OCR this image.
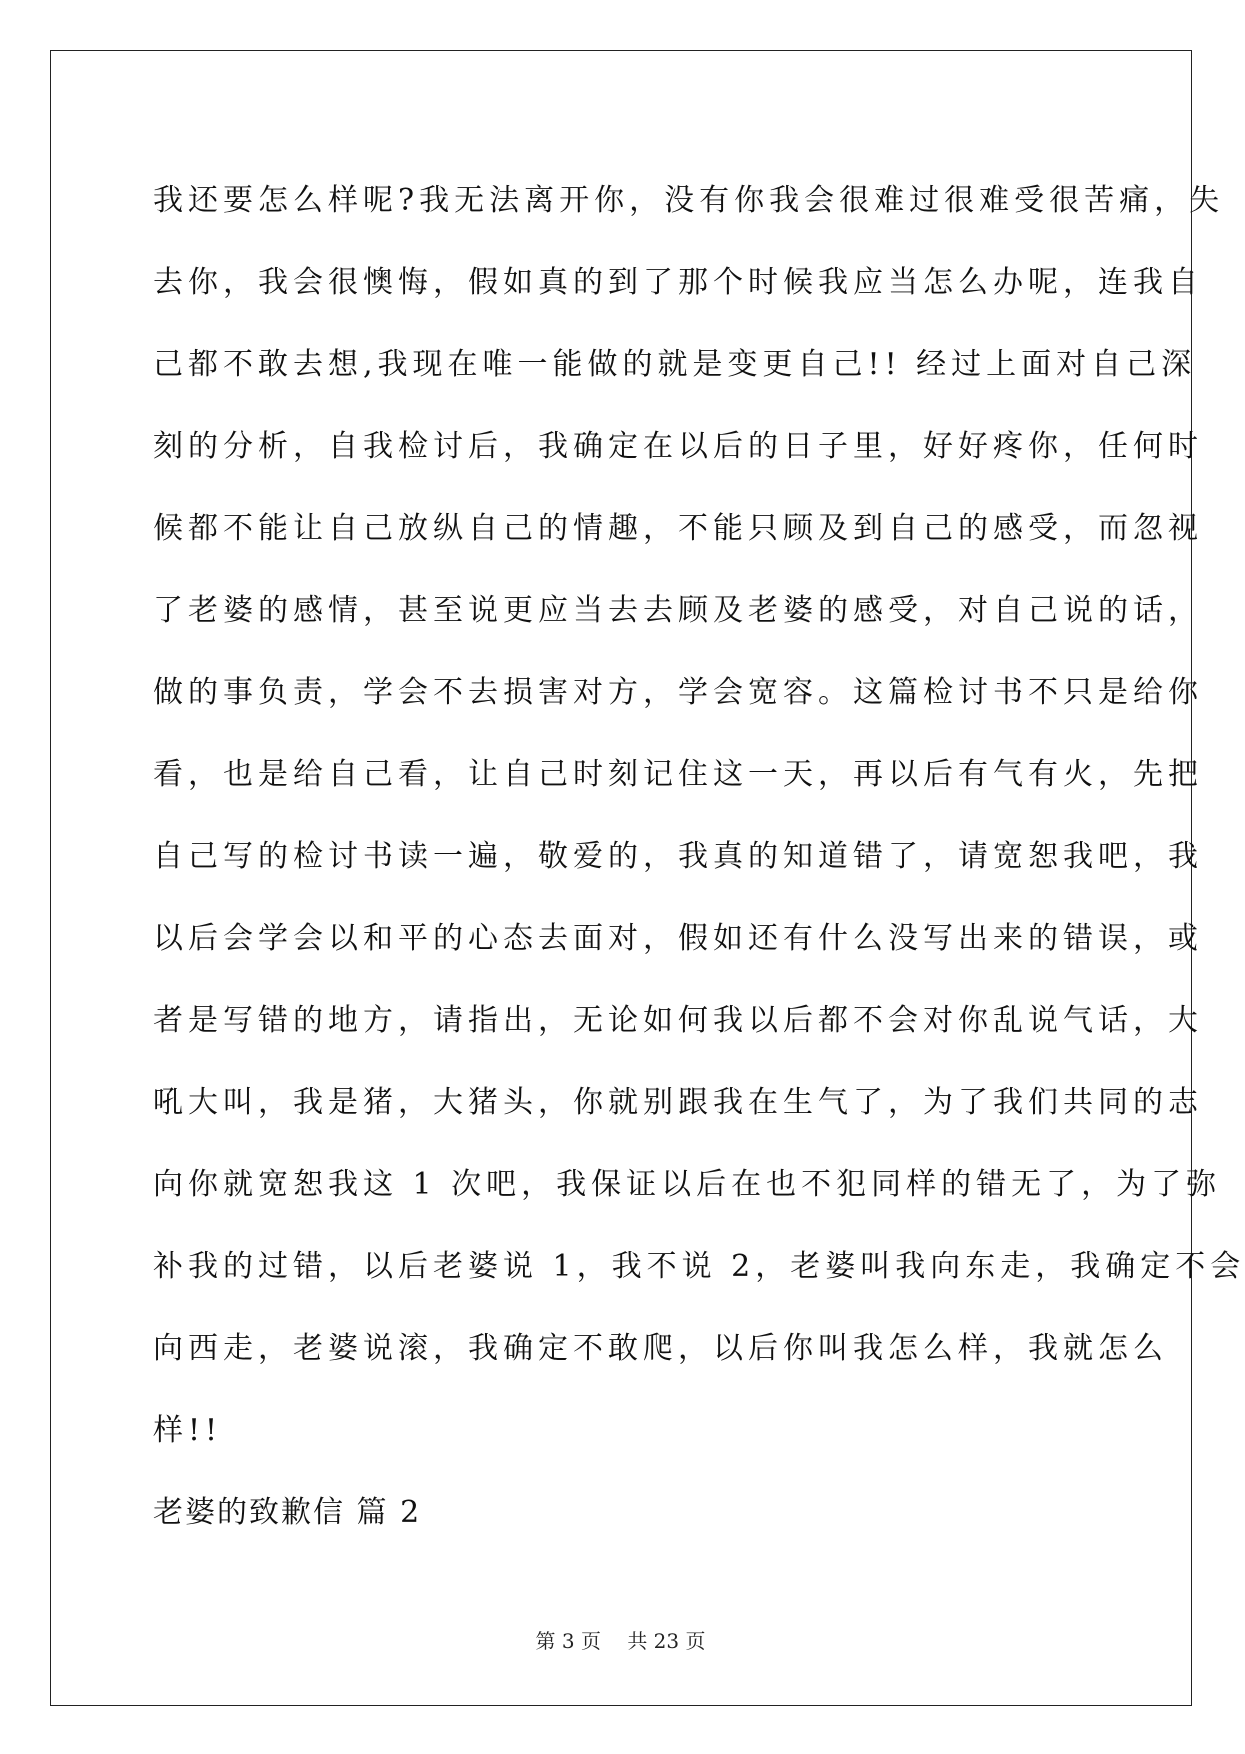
我还要怎么样呢?我无法离开你，没有你我会很难过很难受很苦痛，失
去你，我会很懊悔，假如真的到了那个时候我应当怎么办呢，连我自
己都不敢去想,我现在唯一能做的就是变更自己!! 经过上面对自己深
刻的分析，自我检讨后，我确定在以后的日子里，好好疼你，任何时
候都不能让自己放纵自己的情趣，不能只顾及到自己的感受，而忽视
了老婆的感情，甚至说更应当去去顾及老婆的感受，对自己说的话，
做的事负责，学会不去损害对方，学会宽容。这篇检讨书不只是给你
看，也是给自己看，让自己时刻记住这一天，再以后有气有火，先把
自己写的检讨书读一遍，敬爱的，我真的知道错了，请宽恕我吧，我
以后会学会以和平的心态去面对，假如还有什么没写出来的错误，或
者是写错的地方，请指出，无论如何我以后都不会对你乱说气话，大
吼大叫，我是猪，大猪头，你就别跟我在生气了，为了我们共同的志
向你就宽恕我这 1 次吧，我保证以后在也不犯同样的错无了，为了弥
补我的过错，以后老婆说 1，我不说 2，老婆叫我向东走，我确定不会
向西走，老婆说滚，我确定不敢爬，以后你叫我怎么样，我就怎么
样!!
老婆的致歉信 篇 2
第 3 页 共 23 页
